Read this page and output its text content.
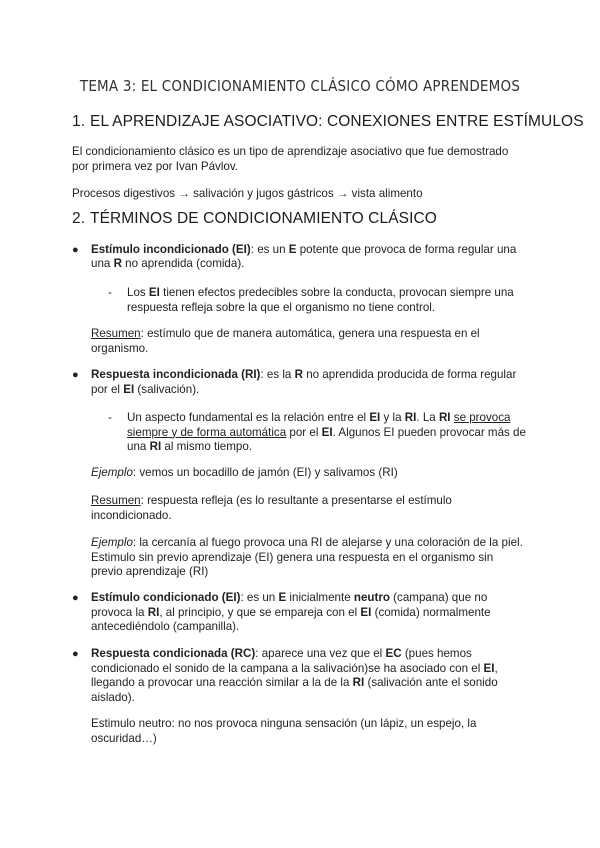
TEMA 3: EL CONDICIONAMIENTO CLÁSICO CÓMO APRENDEMOS
1. EL APRENDIZAJE ASOCIATIVO: CONEXIONES ENTRE ESTÍMULOS
El condicionamiento clásico es un tipo de aprendizaje asociativo que fue demostrado
por primera vez por Ivan Pávlov.
Procesos digestivos → salivación y jugos gástricos → vista alimento
2. TÉRMINOS DE CONDICIONAMIENTO CLÁSICO
● Estímulo incondicionado (EI): es un E potente que provoca de forma regular una
una R no aprendida (comida).
- Los EI tienen efectos predecibles sobre la conducta, provocan siempre una
respuesta refleja sobre la que el organismo no tiene control.
Resumen: estímulo que de manera automática, genera una respuesta en el
organismo.
● Respuesta incondicionada (RI): es la R no aprendida producida de forma regular
por el EI (salivación).
- Un aspecto fundamental es la relación entre el EI y la RI. La RI se provoca
siempre y de forma automática por el EI. Algunos EI pueden provocar más de
una RI al mismo tiempo.
Ejemplo: vemos un bocadillo de jamón (EI) y salivamos (RI)
Resumen: respuesta refleja (es lo resultante a presentarse el estímulo
incondicionado.
Ejemplo: la cercanía al fuego provoca una RI de alejarse y una coloración de la piel.
Estimulo sin previo aprendizaje (EI) genera una respuesta en el organismo sin
previo aprendizaje (RI)
● Estímulo condicionado (EI): es un E inicialmente neutro (campana) que no
provoca la RI, al principio, y que se empareja con el EI (comida) normalmente
antecediéndolo (campanilla).
● Respuesta condicionada (RC): aparece una vez que el EC (pues hemos
condicionado el sonido de la campana a la salivación)se ha asociado con el EI,
llegando a provocar una reacción similar a la de la RI (salivación ante el sonido
aislado).
Estimulo neutro: no nos provoca ninguna sensación (un lápiz, un espejo, la
oscuridad…)
